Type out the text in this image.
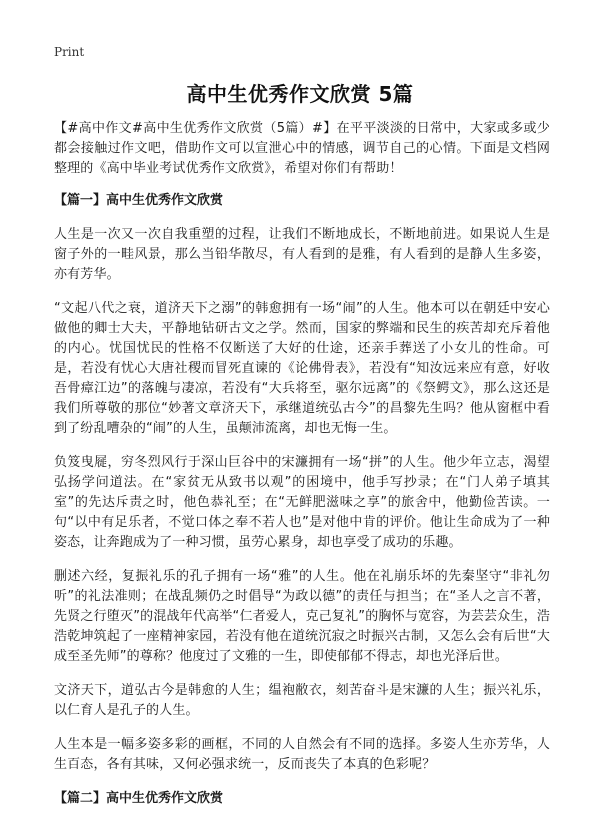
Print
高中生优秀作文欣赏 5篇

【#高中作文#高中生优秀作文欣赏（5篇）#】在平平淡淡的日常中，大家或多或少都会接触过作文吧，借助作文可以宣泄心中的情感，调节自己的心情。下面是文档网整理的《高中毕业考试优秀作文欣赏》，希望对你们有帮助！

【篇一】高中生优秀作文欣赏

人生是一次又一次自我重塑的过程，让我们不断地成长，不断地前进。如果说人生是窗子外的一畦风景，那么当铅华散尽，有人看到的是雅，有人看到的是静人生多姿，亦有芳华。

“文起八代之衰，道济天下之溺”的韩愈拥有一场“闹”的人生。他本可以在朝廷中安心做他的卿士大夫，平静地钻研古文之学。然而，国家的弊端和民生的疾苦却充斥着他的内心。忧国忧民的性格不仅断送了大好的仕途，还亲手葬送了小女儿的性命。可是，若没有忧心大唐社稷而冒死直谏的《论佛骨表》，若没有“知汝远来应有意，好收吾骨瘴江边”的落魄与凄凉，若没有“大兵将至，驱尔远离”的《祭鳄文》，那么这还是我们所尊敬的那位“妙著文章济天下，承继道统弘古今”的昌黎先生吗？他从窗框中看到了纷乱嘈杂的“闹”的人生，虽颠沛流离，却也无悔一生。

负笈曳屣，穷冬烈风行于深山巨谷中的宋濂拥有一场“拼”的人生。他少年立志，渴望弘扬学问道法。在“家贫无从致书以观”的困境中，他手写抄录；在“门人弟子填其室”的先达斥责之时，他色恭礼至；在“无鲜肥滋味之享”的旅舍中，他勤俭苦读。一句“以中有足乐者，不觉口体之奉不若人也”是对他中肯的评价。他让生命成为了一种姿态，让奔跑成为了一种习惯，虽劳心累身，却也享受了成功的乐趣。

删述六经，复振礼乐的孔子拥有一场“雅”的人生。他在礼崩乐坏的先秦坚守“非礼勿听”的礼法准则；在战乱频仍之时倡导“为政以德”的责任与担当；在“圣人之言不著，先贤之行堕灭”的混战年代高举“仁者爱人，克己复礼”的胸怀与宽容，为芸芸众生，浩浩乾坤筑起了一座精神家园，若没有他在道统沉寂之时振兴古制，又怎么会有后世“大成至圣先师”的尊称？他度过了文雅的一生，即使郁郁不得志，却也光泽后世。

文济天下，道弘古今是韩愈的人生；缊袍敝衣，刻苦奋斗是宋濂的人生；振兴礼乐，以仁育人是孔子的人生。

人生本是一幅多姿多彩的画框，不同的人自然会有不同的选择。多姿人生亦芳华，人生百态，各有其味，又何必强求统一，反而丧失了本真的色彩呢？

【篇二】高中生优秀作文欣赏
